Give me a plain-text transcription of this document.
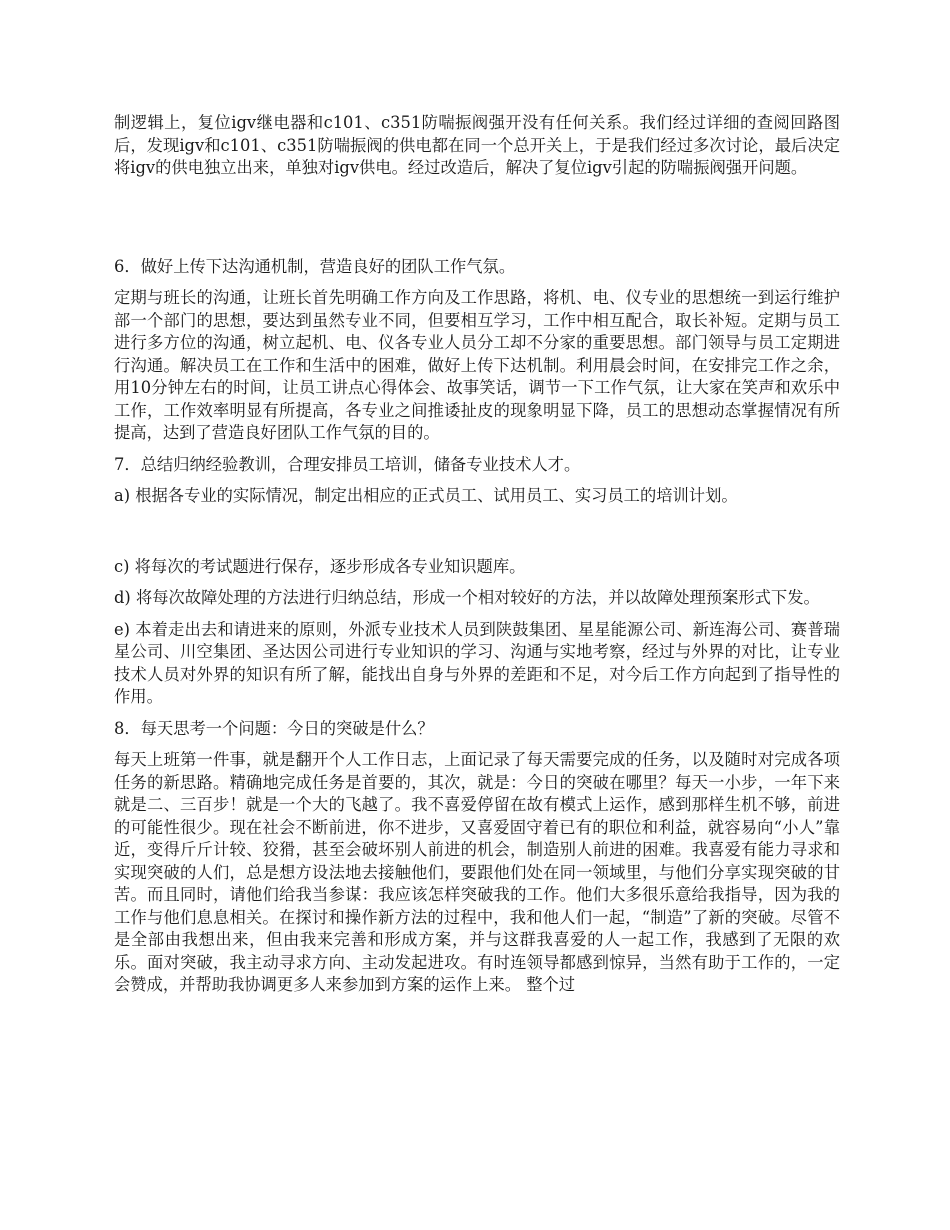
制逻辑上，复位igv继电器和c101、c351防喘振阀强开没有任何关系。我们经过详细的查阅回路图后，发现igv和c101、c351防喘振阀的供电都在同一个总开关上，于是我们经过多次讨论，最后决定将igv的供电独立出来，单独对igv供电。经过改造后，解决了复位igv引起的防喘振阀强开问题。

6．做好上传下达沟通机制，营造良好的团队工作气氛。

定期与班长的沟通，让班长首先明确工作方向及工作思路，将机、电、仪专业的思想统一到运行维护部一个部门的思想，要达到虽然专业不同，但要相互学习，工作中相互配合，取长补短。定期与员工进行多方位的沟通，树立起机、电、仪各专业人员分工却不分家的重要思想。部门领导与员工定期进行沟通。解决员工在工作和生活中的困难，做好上传下达机制。利用晨会时间，在安排完工作之余，用10分钟左右的时间，让员工讲点心得体会、故事笑话，调节一下工作气氛，让大家在笑声和欢乐中工作，工作效率明显有所提高，各专业之间推诿扯皮的现象明显下降，员工的思想动态掌握情况有所提高，达到了营造良好团队工作气氛的目的。

7．总结归纳经验教训，合理安排员工培训，储备专业技术人才。

a) 根据各专业的实际情况，制定出相应的正式员工、试用员工、实习员工的培训计划。

c) 将每次的考试题进行保存，逐步形成各专业知识题库。

d) 将每次故障处理的方法进行归纳总结，形成一个相对较好的方法，并以故障处理预案形式下发。

e) 本着走出去和请进来的原则，外派专业技术人员到陕鼓集团、星星能源公司、新连海公司、赛普瑞星公司、川空集团、圣达因公司进行专业知识的学习、沟通与实地考察，经过与外界的对比，让专业技术人员对外界的知识有所了解，能找出自身与外界的差距和不足，对今后工作方向起到了指导性的作用。

8．每天思考一个问题：今日的突破是什么？

每天上班第一件事，就是翻开个人工作日志，上面记录了每天需要完成的任务，以及随时对完成各项任务的新思路。精确地完成任务是首要的，其次，就是：今日的突破在哪里？每天一小步，一年下来就是二、三百步！就是一个大的飞越了。我不喜爱停留在故有模式上运作，感到那样生机不够，前进的可能性很少。现在社会不断前进，你不进步，又喜爱固守着已有的职位和利益，就容易向“小人”靠近，变得斤斤计较、狡猾，甚至会破坏别人前进的机会，制造别人前进的困难。我喜爱有能力寻求和实现突破的人们，总是想方设法地去接触他们，要跟他们处在同一领域里，与他们分享实现突破的甘苦。而且同时，请他们给我当参谋：我应该怎样突破我的工作。他们大多很乐意给我指导，因为我的工作与他们息息相关。在探讨和操作新方法的过程中，我和他人们一起，“制造”了新的突破。尽管不是全部由我想出来，但由我来完善和形成方案，并与这群我喜爱的人一起工作，我感到了无限的欢乐。面对突破，我主动寻求方向、主动发起进攻。有时连领导都感到惊异，当然有助于工作的，一定会赞成，并帮助我协调更多人来参加到方案的运作上来。 整个过
